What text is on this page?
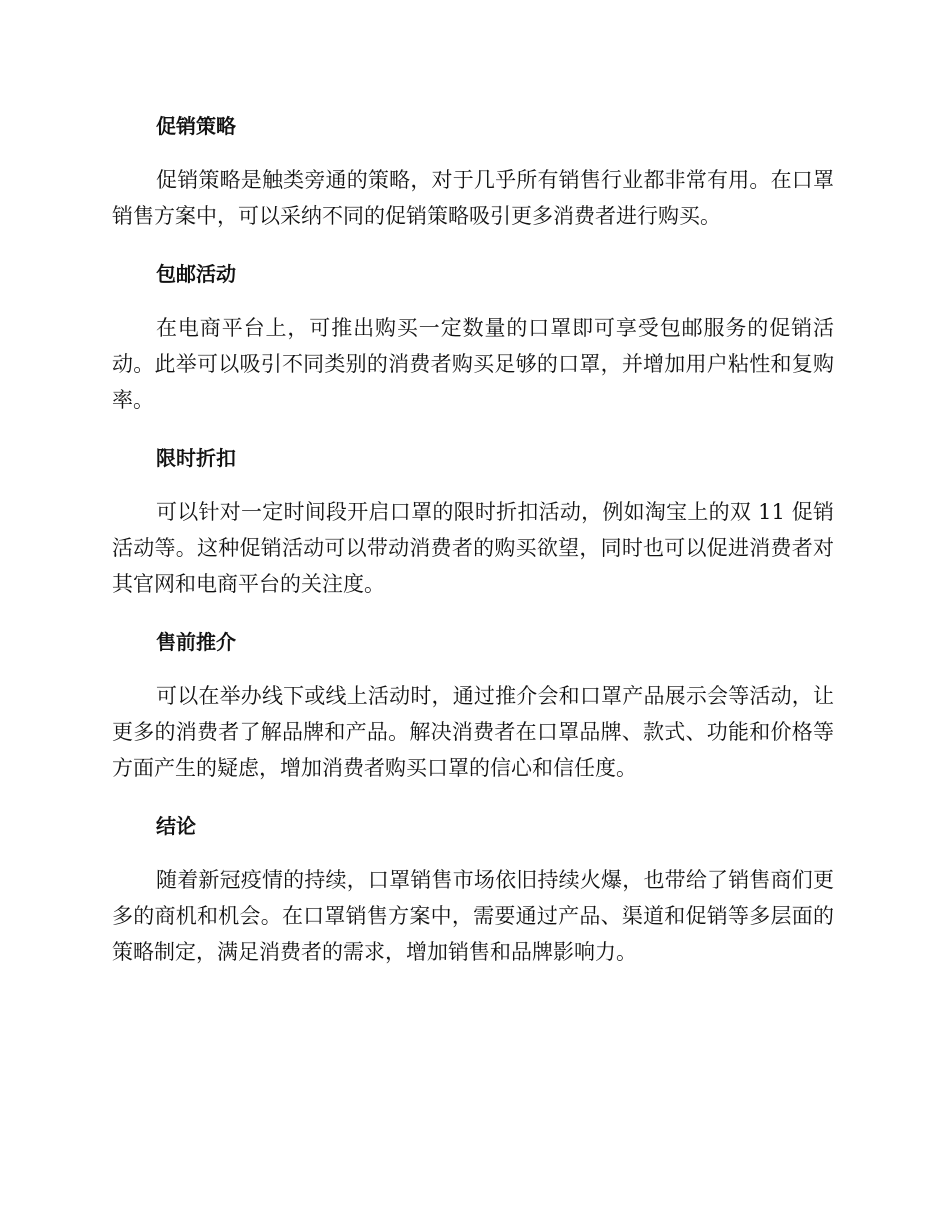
促销策略

促销策略是触类旁通的策略，对于几乎所有销售行业都非常有用。在口罩销售方案中，可以采纳不同的促销策略吸引更多消费者进行购买。

包邮活动

在电商平台上，可推出购买一定数量的口罩即可享受包邮服务的促销活动。此举可以吸引不同类别的消费者购买足够的口罩，并增加用户粘性和复购率。

限时折扣

可以针对一定时间段开启口罩的限时折扣活动，例如淘宝上的双 11 促销活动等。这种促销活动可以带动消费者的购买欲望，同时也可以促进消费者对其官网和电商平台的关注度。

售前推介

可以在举办线下或线上活动时，通过推介会和口罩产品展示会等活动，让更多的消费者了解品牌和产品。解决消费者在口罩品牌、款式、功能和价格等方面产生的疑虑，增加消费者购买口罩的信心和信任度。

结论

随着新冠疫情的持续，口罩销售市场依旧持续火爆，也带给了销售商们更多的商机和机会。在口罩销售方案中，需要通过产品、渠道和促销等多层面的策略制定，满足消费者的需求，增加销售和品牌影响力。
